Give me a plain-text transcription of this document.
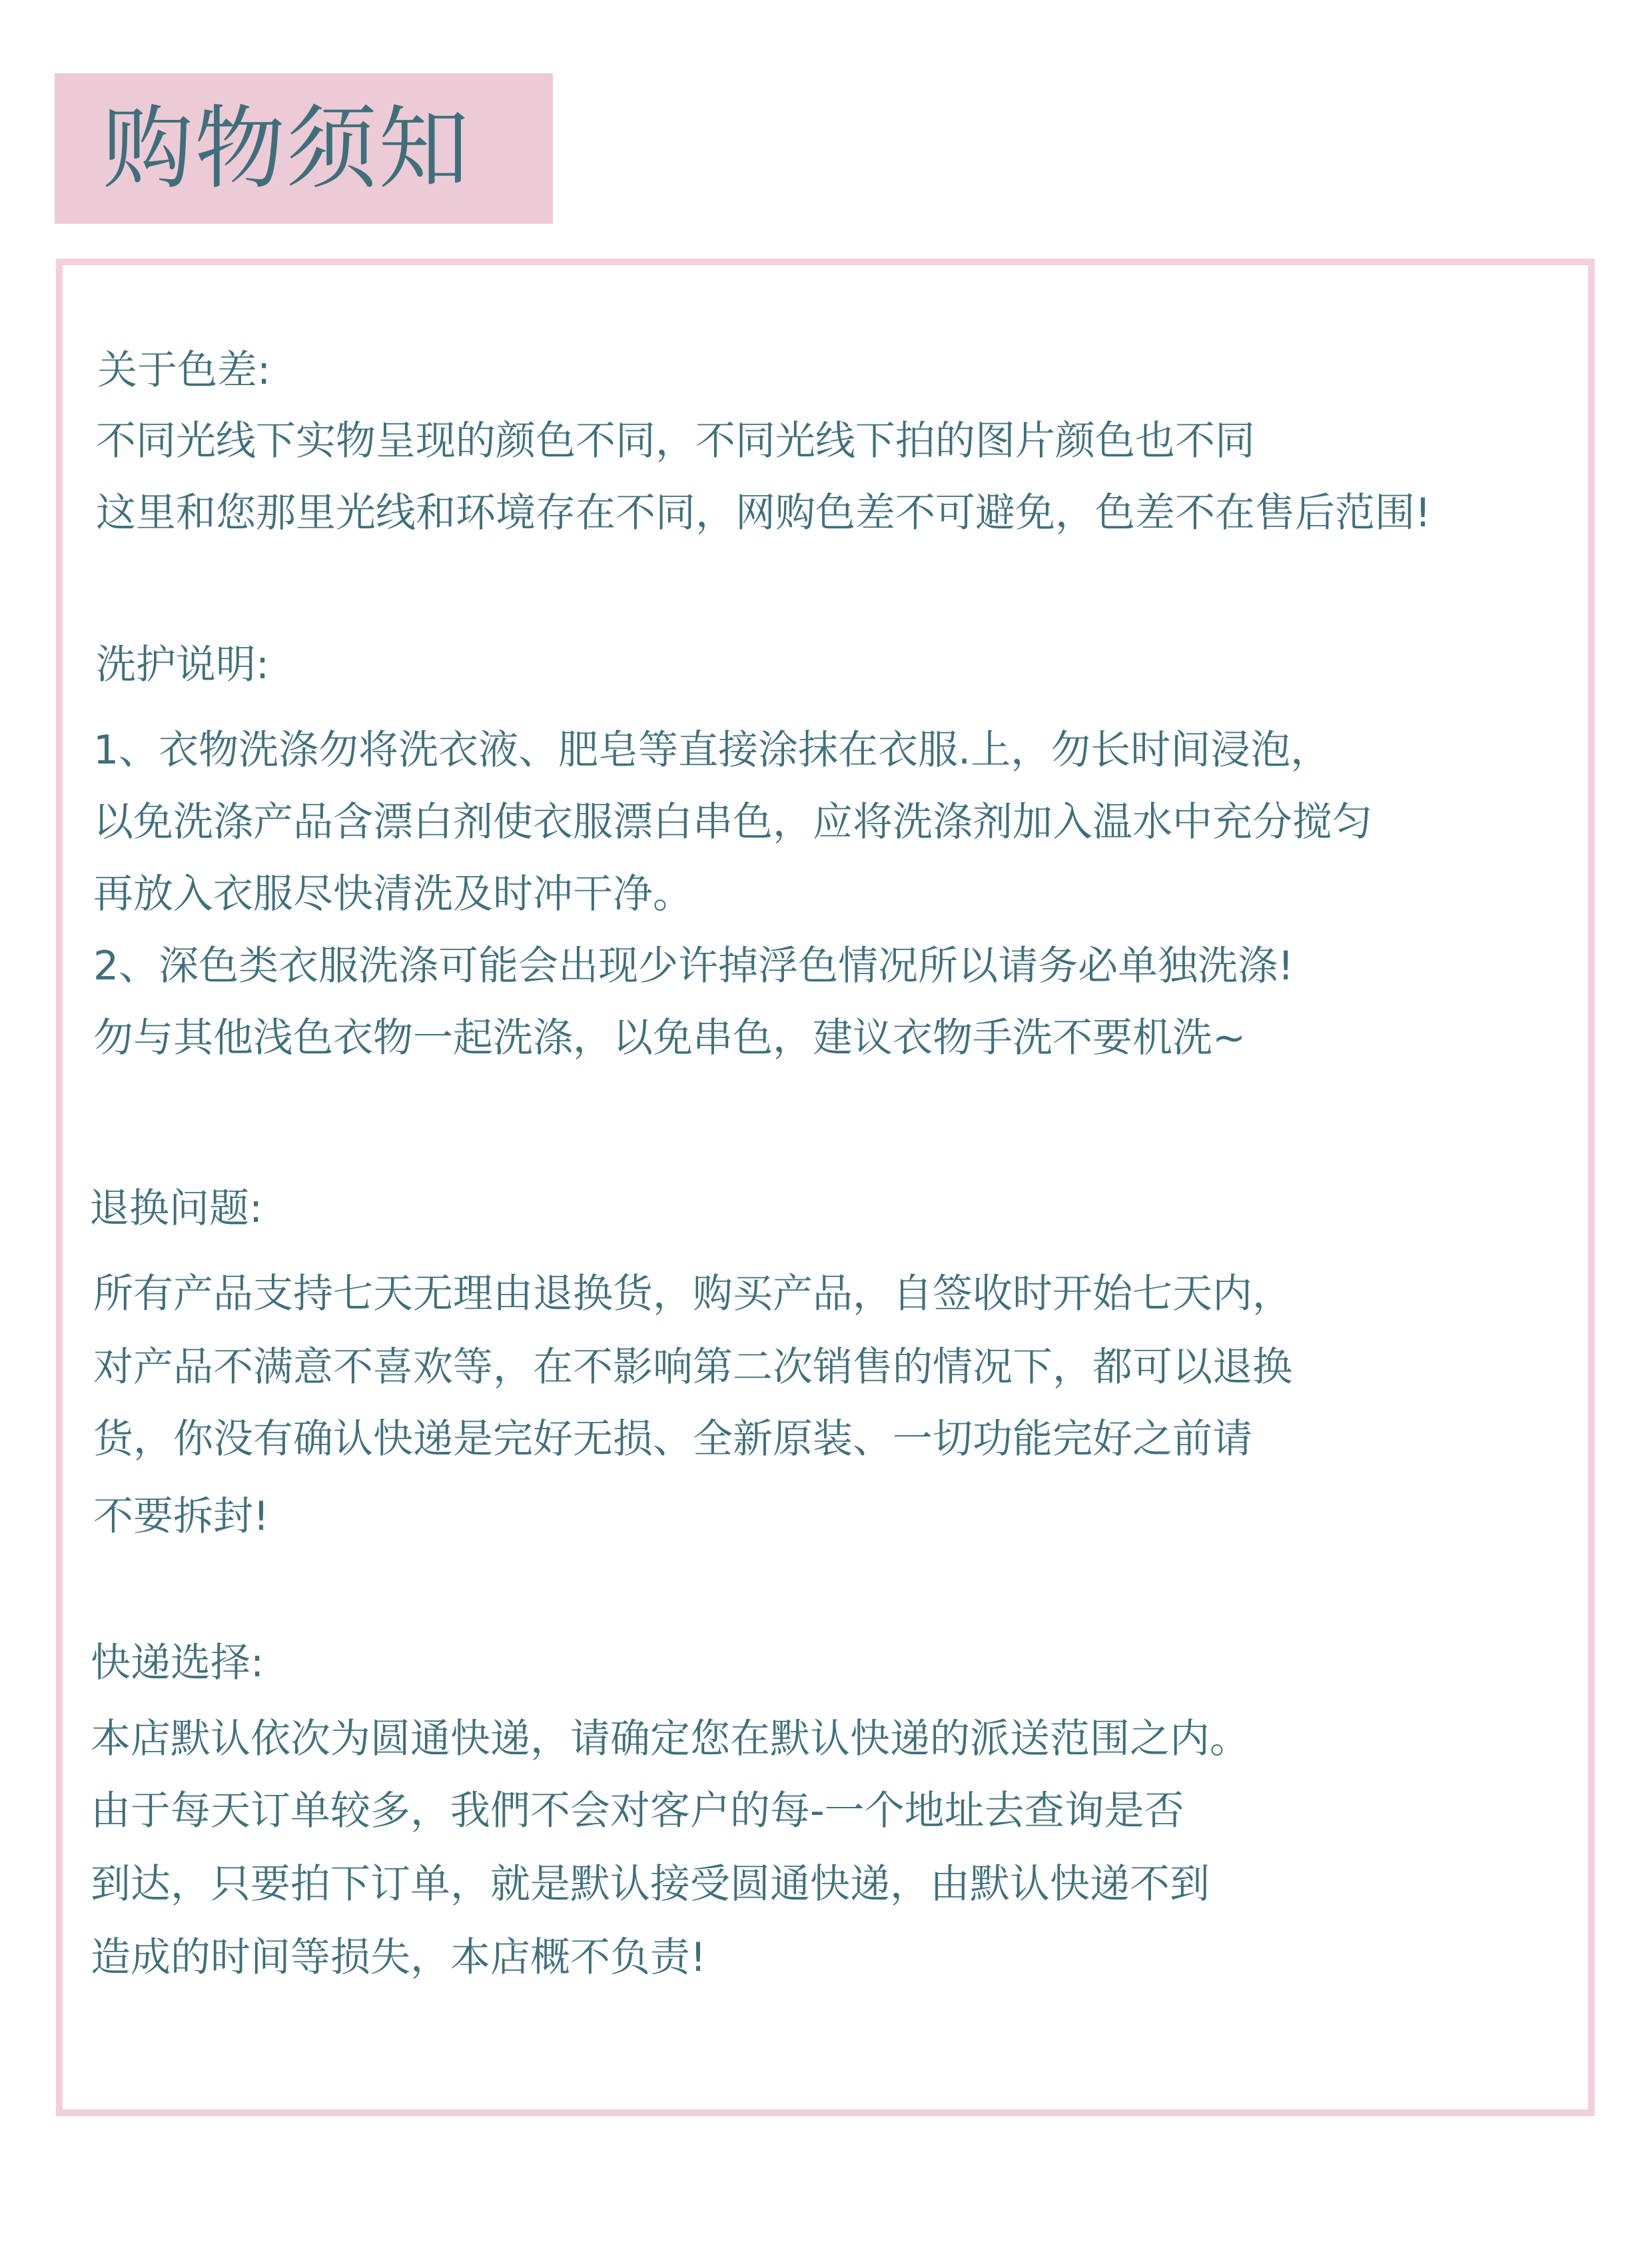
购物须知
关于色差:
不同光线下实物呈现的颜色不同，不同光线下拍的图片颜色也不同
这里和您那里光线和环境存在不同，网购色差不可避免，色差不在售后范围!
洗护说明:
1、衣物洗涤勿将洗衣液、肥皂等直接涂抹在衣服.上，勿长时间浸泡，
以免洗涤产品含漂白剂使衣服漂白串色，应将洗涤剂加入温水中充分搅匀
再放入衣服尽快清洗及时冲干净。
2、深色类衣服洗涤可能会出现少许掉浮色情况所以请务必单独洗涤!
勿与其他浅色衣物一起洗涤，以免串色，建议衣物手洗不要机洗~
退换问题:
所有产品支持七天无理由退换货，购买产品，自签收时开始七天内，
对产品不满意不喜欢等，在不影响第二次销售的情况下，都可以退换
货，你没有确认快递是完好无损、全新原装、一切功能完好之前请
不要拆封!
快递选择:
本店默认依次为圆通快递，请确定您在默认快递的派送范围之内。
由于每天订单较多，我們不会对客户的每-一个地址去查询是否
到达，只要拍下订单，就是默认接受圆通快递，由默认快递不到
造成的时间等损失，本店概不负责!
